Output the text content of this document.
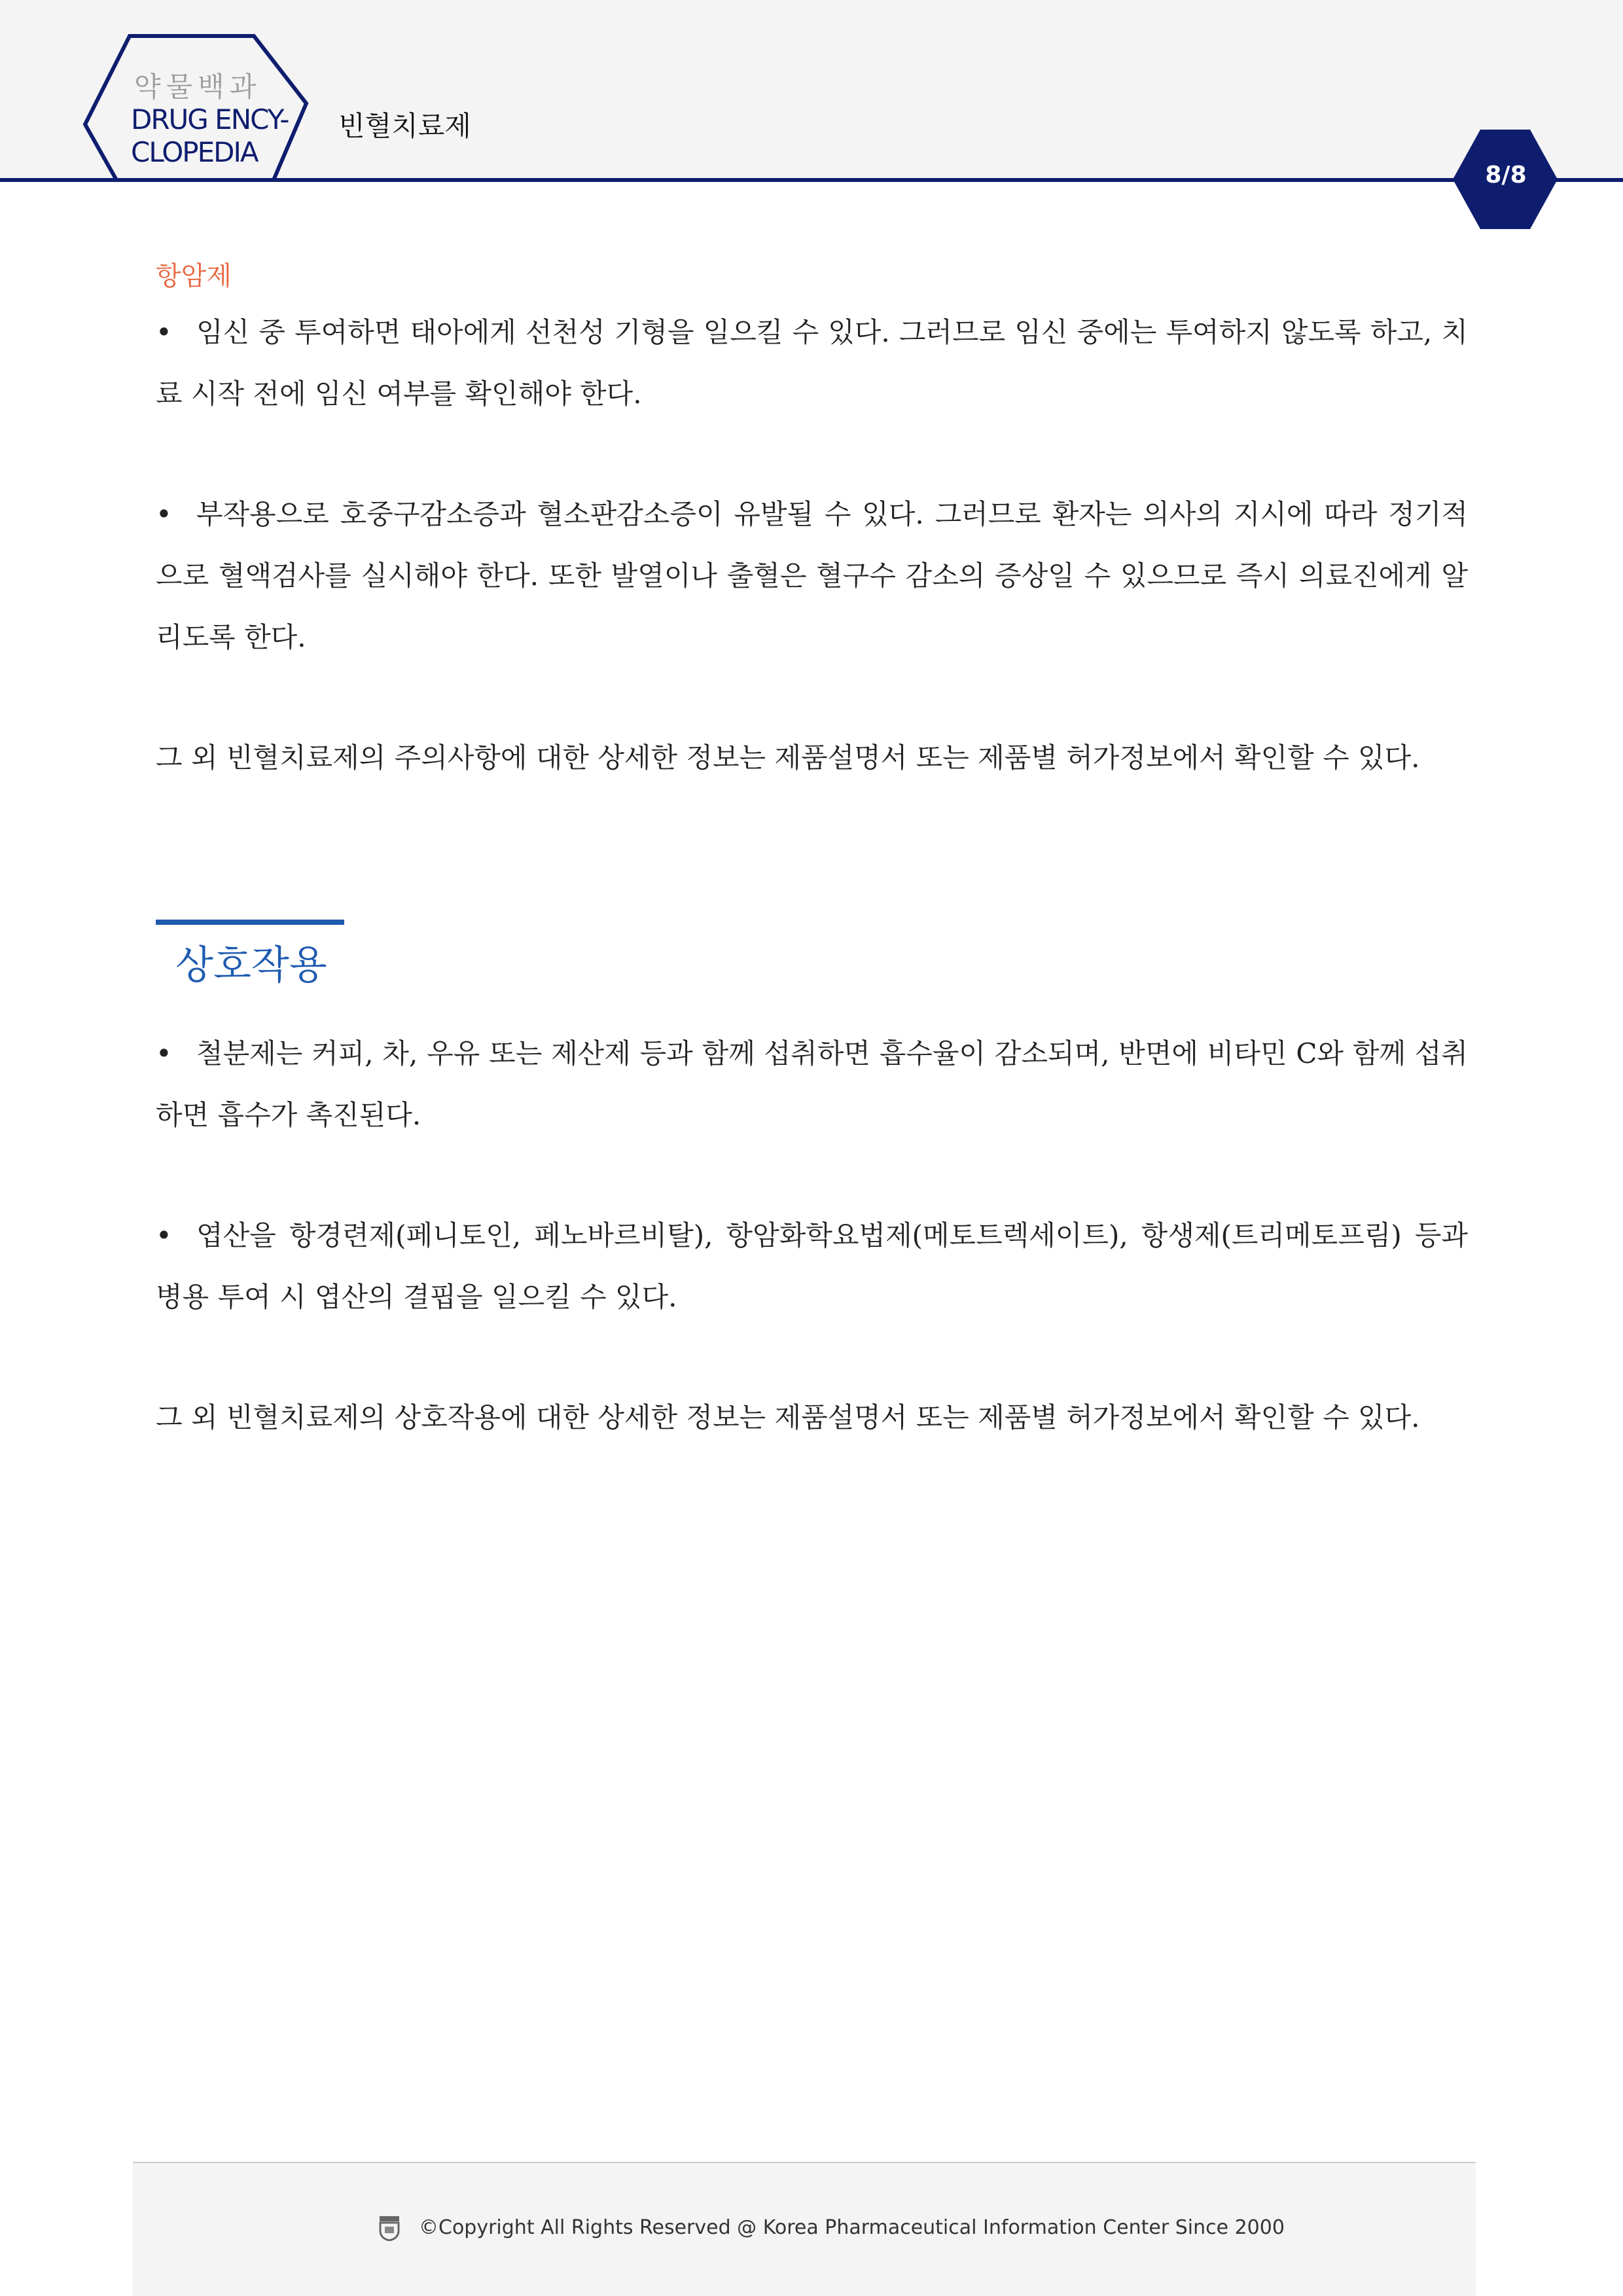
약물백과
DRUG ENCY-
CLOPEDIA
빈혈치료제
8/8
항암제

• 임신 중 투여하면 태아에게 선천성 기형을 일으킬 수 있다. 그러므로 임신 중에는 투여하지 않도록 하고, 치료 시작 전에 임신 여부를 확인해야 한다.

• 부작용으로 호중구감소증과 혈소판감소증이 유발될 수 있다. 그러므로 환자는 의사의 지시에 따라 정기적으로 혈액검사를 실시해야 한다. 또한 발열이나 출혈은 혈구수 감소의 증상일 수 있으므로 즉시 의료진에게 알리도록 한다.

그 외 빈혈치료제의 주의사항에 대한 상세한 정보는 제품설명서 또는 제품별 허가정보에서 확인할 수 있다.

상호작용

• 철분제는 커피, 차, 우유 또는 제산제 등과 함께 섭취하면 흡수율이 감소되며, 반면에 비타민 C와 함께 섭취하면 흡수가 촉진된다.

• 엽산을 항경련제(페니토인, 페노바르비탈), 항암화학요법제(메토트렉세이트), 항생제(트리메토프림) 등과 병용 투여 시 엽산의 결핍을 일으킬 수 있다.

그 외 빈혈치료제의 상호작용에 대한 상세한 정보는 제품설명서 또는 제품별 허가정보에서 확인할 수 있다.

©Copyright All Rights Reserved @ Korea Pharmaceutical Information Center Since 2000
